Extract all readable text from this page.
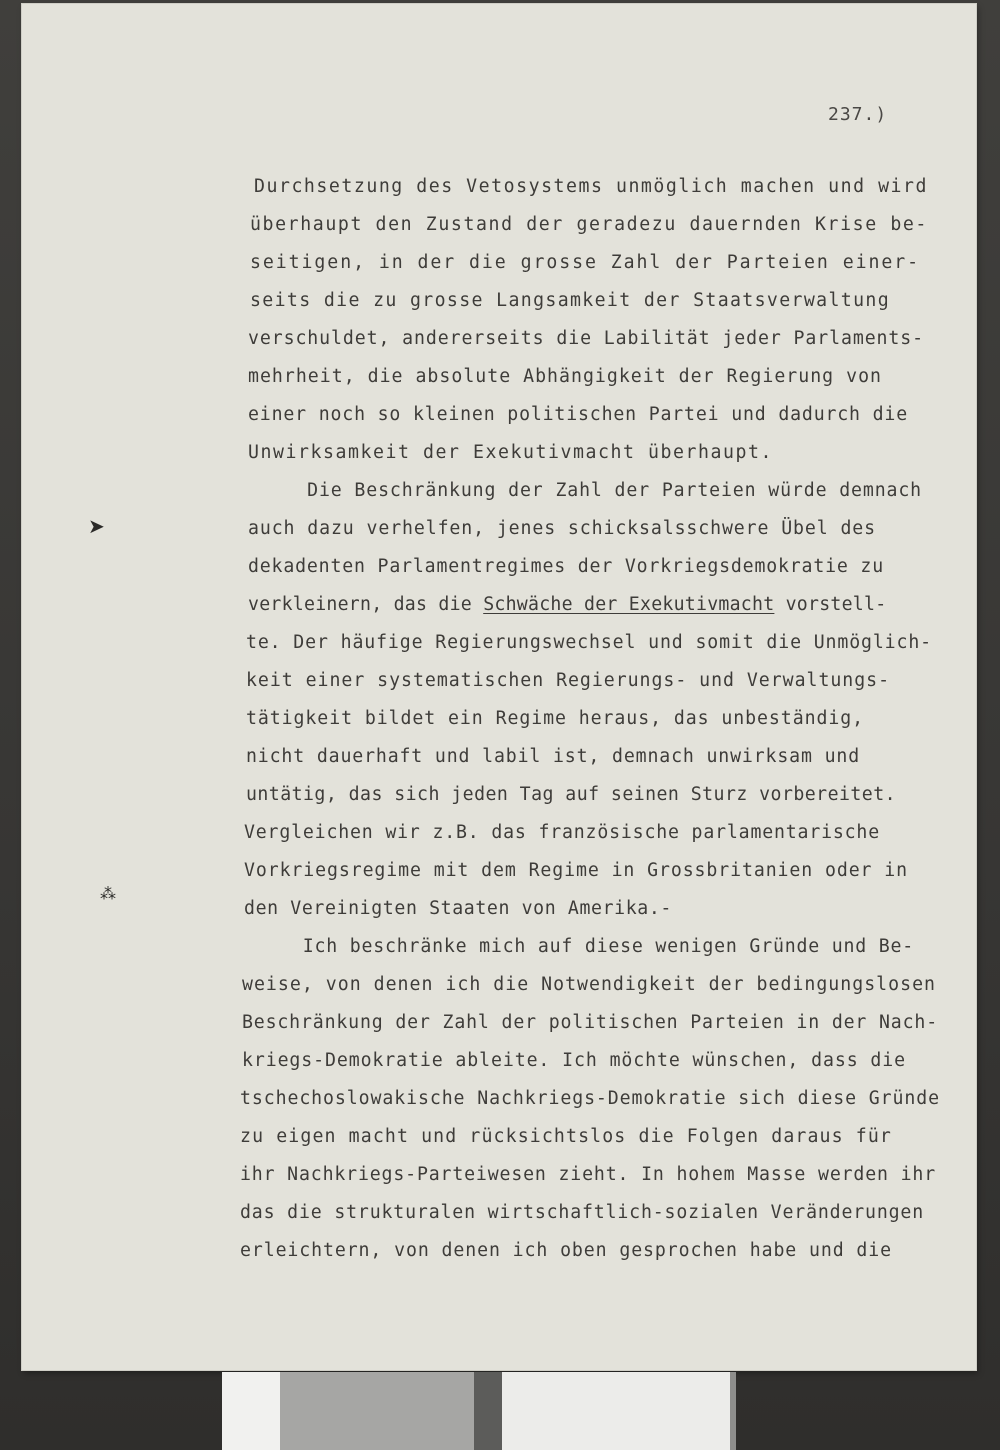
237.)
Durchsetzung des Vetosystems unmöglich machen und wird
überhaupt den Zustand der geradezu dauernden Krise be-
seitigen, in der die grosse Zahl der Parteien einer-
seits die zu grosse Langsamkeit der Staatsverwaltung
verschuldet, andererseits die Labilität jeder Parlaments-
mehrheit, die absolute Abhängigkeit der Regierung von
einer noch so kleinen politischen Partei und dadurch die
Unwirksamkeit der Exekutivmacht überhaupt.
Die Beschränkung der Zahl der Parteien würde demnach
auch dazu verhelfen, jenes schicksalsschwere Übel des
dekadenten Parlamentregimes der Vorkriegsdemokratie zu
verkleinern, das die Schwäche der Exekutivmacht vorstell-
te. Der häufige Regierungswechsel und somit die Unmöglich-
keit einer systematischen Regierungs- und Verwaltungs-
tätigkeit bildet ein Regime heraus, das unbeständig,
nicht dauerhaft und labil ist, demnach unwirksam und
untätig, das sich jeden Tag auf seinen Sturz vorbereitet.
Vergleichen wir z.B. das französische parlamentarische
Vorkriegsregime mit dem Regime in Grossbritanien oder in
den Vereinigten Staaten von Amerika.-
Ich beschränke mich auf diese wenigen Gründe und Be-
weise, von denen ich die Notwendigkeit der bedingungslosen
Beschränkung der Zahl der politischen Parteien in der Nach-
kriegs-Demokratie ableite. Ich möchte wünschen, dass die
tschechoslowakische Nachkriegs-Demokratie sich diese Gründe
zu eigen macht und rücksichtslos die Folgen daraus für
ihr Nachkriegs-Parteiwesen zieht. In hohem Masse werden ihr
das die strukturalen wirtschaftlich-sozialen Veränderungen
erleichtern, von denen ich oben gesprochen habe und die
➤
⁂
